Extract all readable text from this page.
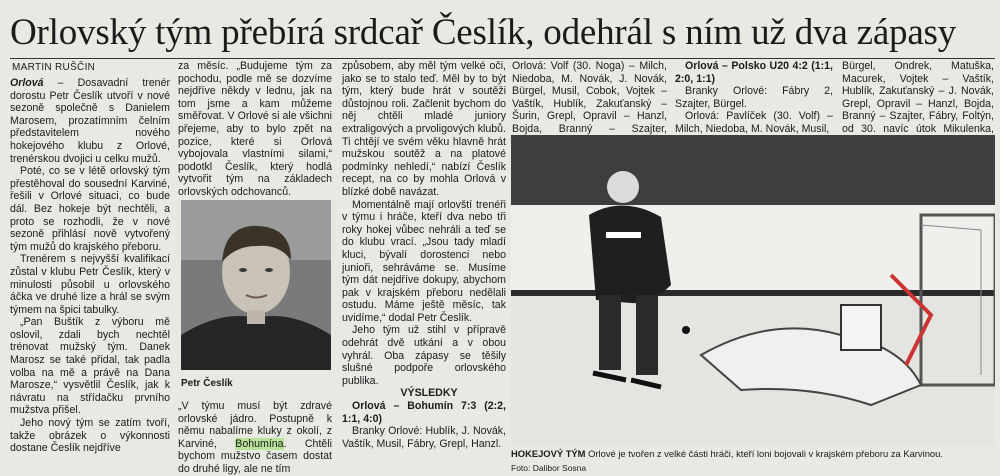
Orlovský tým přebírá srdcař Česlík, odehrál s ním už dva zápasy
MARTIN RUŠČIN

Orlová – Dosavadní trenér dorostu Petr Česlík utvoří v nové sezoně společně s Danielem Marosem, prozatímním čelním představitelem nového hokejového klubu z Orlové, trenérskou dvojici u celku mužů.

Poté, co se v létě orlovský tým přestěhoval do sousední Karviné, řešili v Orlové situaci, co bude dál. Bez hokeje být nechtěli, a proto se rozhodli, že v nové sezoně přihlásí nově vytvořený tým mužů do krajského přeboru.

Trenérem s nejvyšší kvalifikací zůstal v klubu Petr Česlík, který v minulosti působil u orlovského áčka ve druhé lize a hrál se svým týmem na špici tabulky.

„Pan Buštík z výboru mě oslovil, zdali bych nechtěl trénovat mužský tým. Danek Marosz se také přidal, tak padla volba na mě a právě na Dana Marosze,“ vysvětlil Česlík, jak k návratu na střídačku prvního mužstva přišel.

Jeho nový tým se zatím tvoří, takže obrázek o výkonnosti dostane Česlík nejdříve

za měsíc. „Budujeme tým za pochodu, podle mě se dozvíme nejdříve někdy v lednu, jak na tom jsme a kam můžeme směřovat. V Orlové si ale všichni přejeme, aby to bylo zpět na pozice, které si Orlová vybojovala vlastními silami,“ podotkl Česlík, který hodlá vytvořit tým na základech orlovských odchovanců.

Petr Česlík

„V týmu musí být zdravé orlovské jádro. Postupně k němu nabalíme kluky z okolí, z Karviné, Bohumína. Chtěli bychom mužstvo časem dostat do druhé ligy, ale ne tím

způsobem, aby měl tým velké oči, jako se to stalo teď. Měl by to být tým, který bude hrát v soutěži důstojnou roli. Začlenit bychom do něj chtěli mladé juniory extraligových a prvoligových klubů. Ti chtějí ve svém věku hlavně hrát mužskou soutěž a na platové podmínky nehledí,“ nabízí Česlík recept, na co by mohla Orlová v blízké době navázat.

Momentálně mají orlovští trenéři v týmu i hráče, kteří dva nebo tři roky hokej vůbec nehráli a teď se do klubu vrací. „Jsou tady mladí kluci, bývalí dorostenci nebo junioři, sehráváme se. Musíme tým dát nejdříve dokupy, abychom pak v krajském přeboru nedělali ostudu. Máme ještě měsíc, tak uvidíme,“ dodal Petr Česlík.

Jeho tým už stihl v přípravě odehrát dvě utkání a v obou vyhrál. Oba zápasy se těšily slušné podpoře orlovského publika.

VÝSLEDKY

Orlová – Bohumín 7:3 (2:2, 1:1, 4:0)

Branky Orlové: Hublík, J. Novák, Vaštík, Musil, Fábry, Grepl, Hanzl.

Orlová: Volf (30. Noga) – Milch, Niedoba, M. Novák, J. Novák, Bürgel, Musil, Cobok, Vojtek – Vaštík, Hublík, Zakuťanský – Šurin, Grepl, Opravil – Hanzl, Bojda, Branný – Szajter,

Orlová – Polsko U20 4:2 (1:1, 2:0, 1:1)

Branky Orlové: Fábry 2, Szajter, Bürgel.

Orlová: Pavlíček (30. Volf) – Milch, Niedoba, M. Novák, Musil,

Bürgel, Ondrek, Matuška, Macurek, Vojtek – Vaštík, Hublík, Zakuťanský – J. Novák, Grepl, Opravil – Hanzl, Bojda, Branný – Szajter, Fábry, Foltýn, od 30. navíc útok Mikulenka,

HOKEJOVÝ TÝM Orlové je tvořen z velké části hráči, kteří loni bojovali v krajském přeboru za Karvinou.
Foto: Dalibor Sosna
